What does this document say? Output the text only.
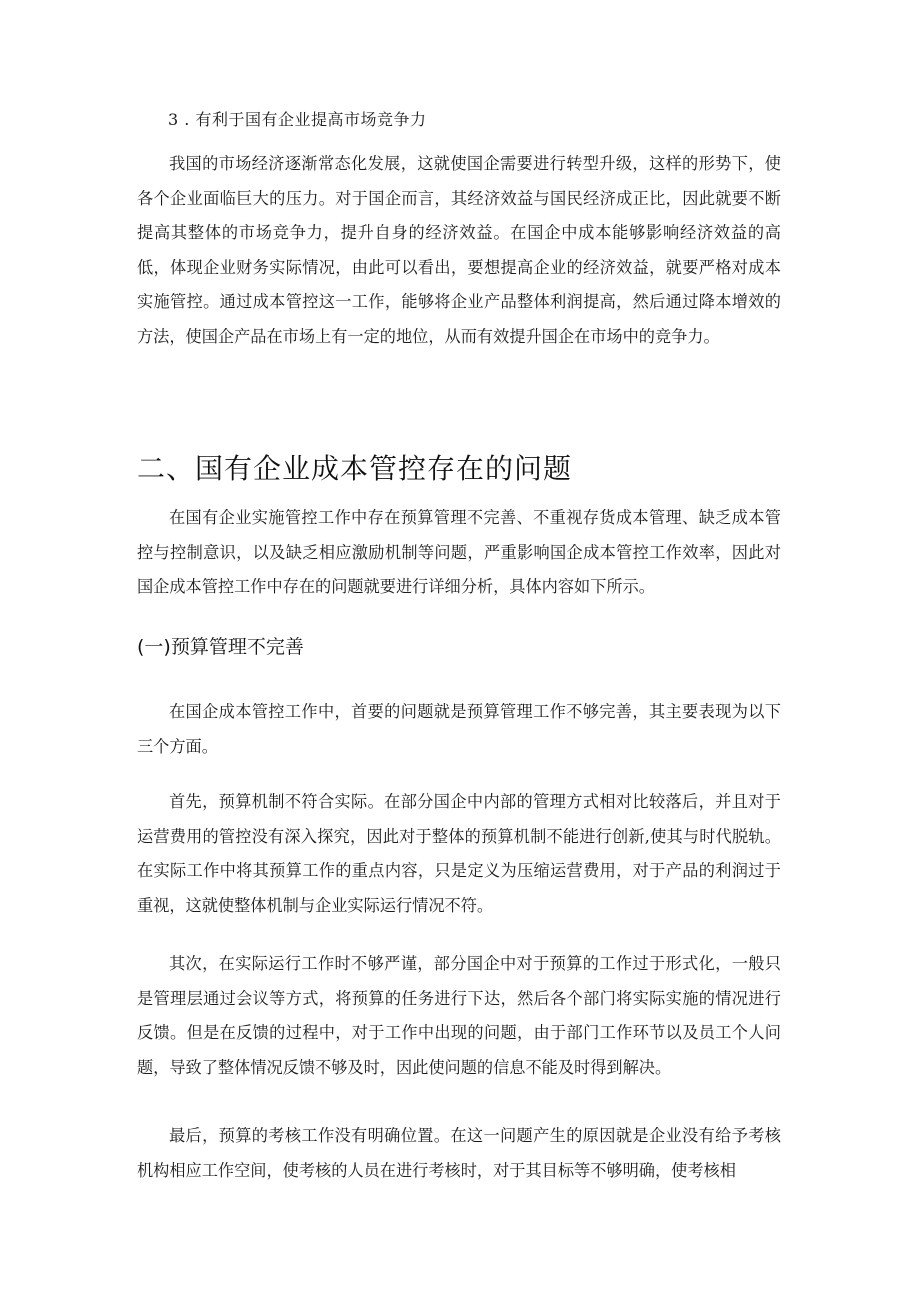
3 . 有利于国有企业提高市场竞争力

我国的市场经济逐渐常态化发展，这就使国企需要进行转型升级，这样的形势下，使各个企业面临巨大的压力。对于国企而言，其经济效益与国民经济成正比，因此就要不断提高其整体的市场竞争力，提升自身的经济效益。在国企中成本能够影响经济效益的高低，体现企业财务实际情况，由此可以看出，要想提高企业的经济效益，就要严格对成本实施管控。通过成本管控这一工作，能够将企业产品整体利润提高，然后通过降本增效的方法，使国企产品在市场上有一定的地位，从而有效提升国企在市场中的竞争力。

二、国有企业成本管控存在的问题

在国有企业实施管控工作中存在预算管理不完善、不重视存货成本管理、缺乏成本管控与控制意识，以及缺乏相应激励机制等问题，严重影响国企成本管控工作效率，因此对国企成本管控工作中存在的问题就要进行详细分析，具体内容如下所示。

(一)预算管理不完善

在国企成本管控工作中，首要的问题就是预算管理工作不够完善，其主要表现为以下三个方面。

首先，预算机制不符合实际。在部分国企中内部的管理方式相对比较落后，并且对于运营费用的管控没有深入探究，因此对于整体的预算机制不能进行创新,使其与时代脱轨。在实际工作中将其预算工作的重点内容，只是定义为压缩运营费用，对于产品的利润过于重视，这就使整体机制与企业实际运行情况不符。

其次，在实际运行工作时不够严谨，部分国企中对于预算的工作过于形式化，一般只是管理层通过会议等方式，将预算的任务进行下达，然后各个部门将实际实施的情况进行反馈。但是在反馈的过程中，对于工作中出现的问题，由于部门工作环节以及员工个人问题，导致了整体情况反馈不够及时，因此使问题的信息不能及时得到解决。

最后，预算的考核工作没有明确位置。在这一问题产生的原因就是企业没有给予考核机构相应工作空间，使考核的人员在进行考核时，对于其目标等不够明确，使考核相
